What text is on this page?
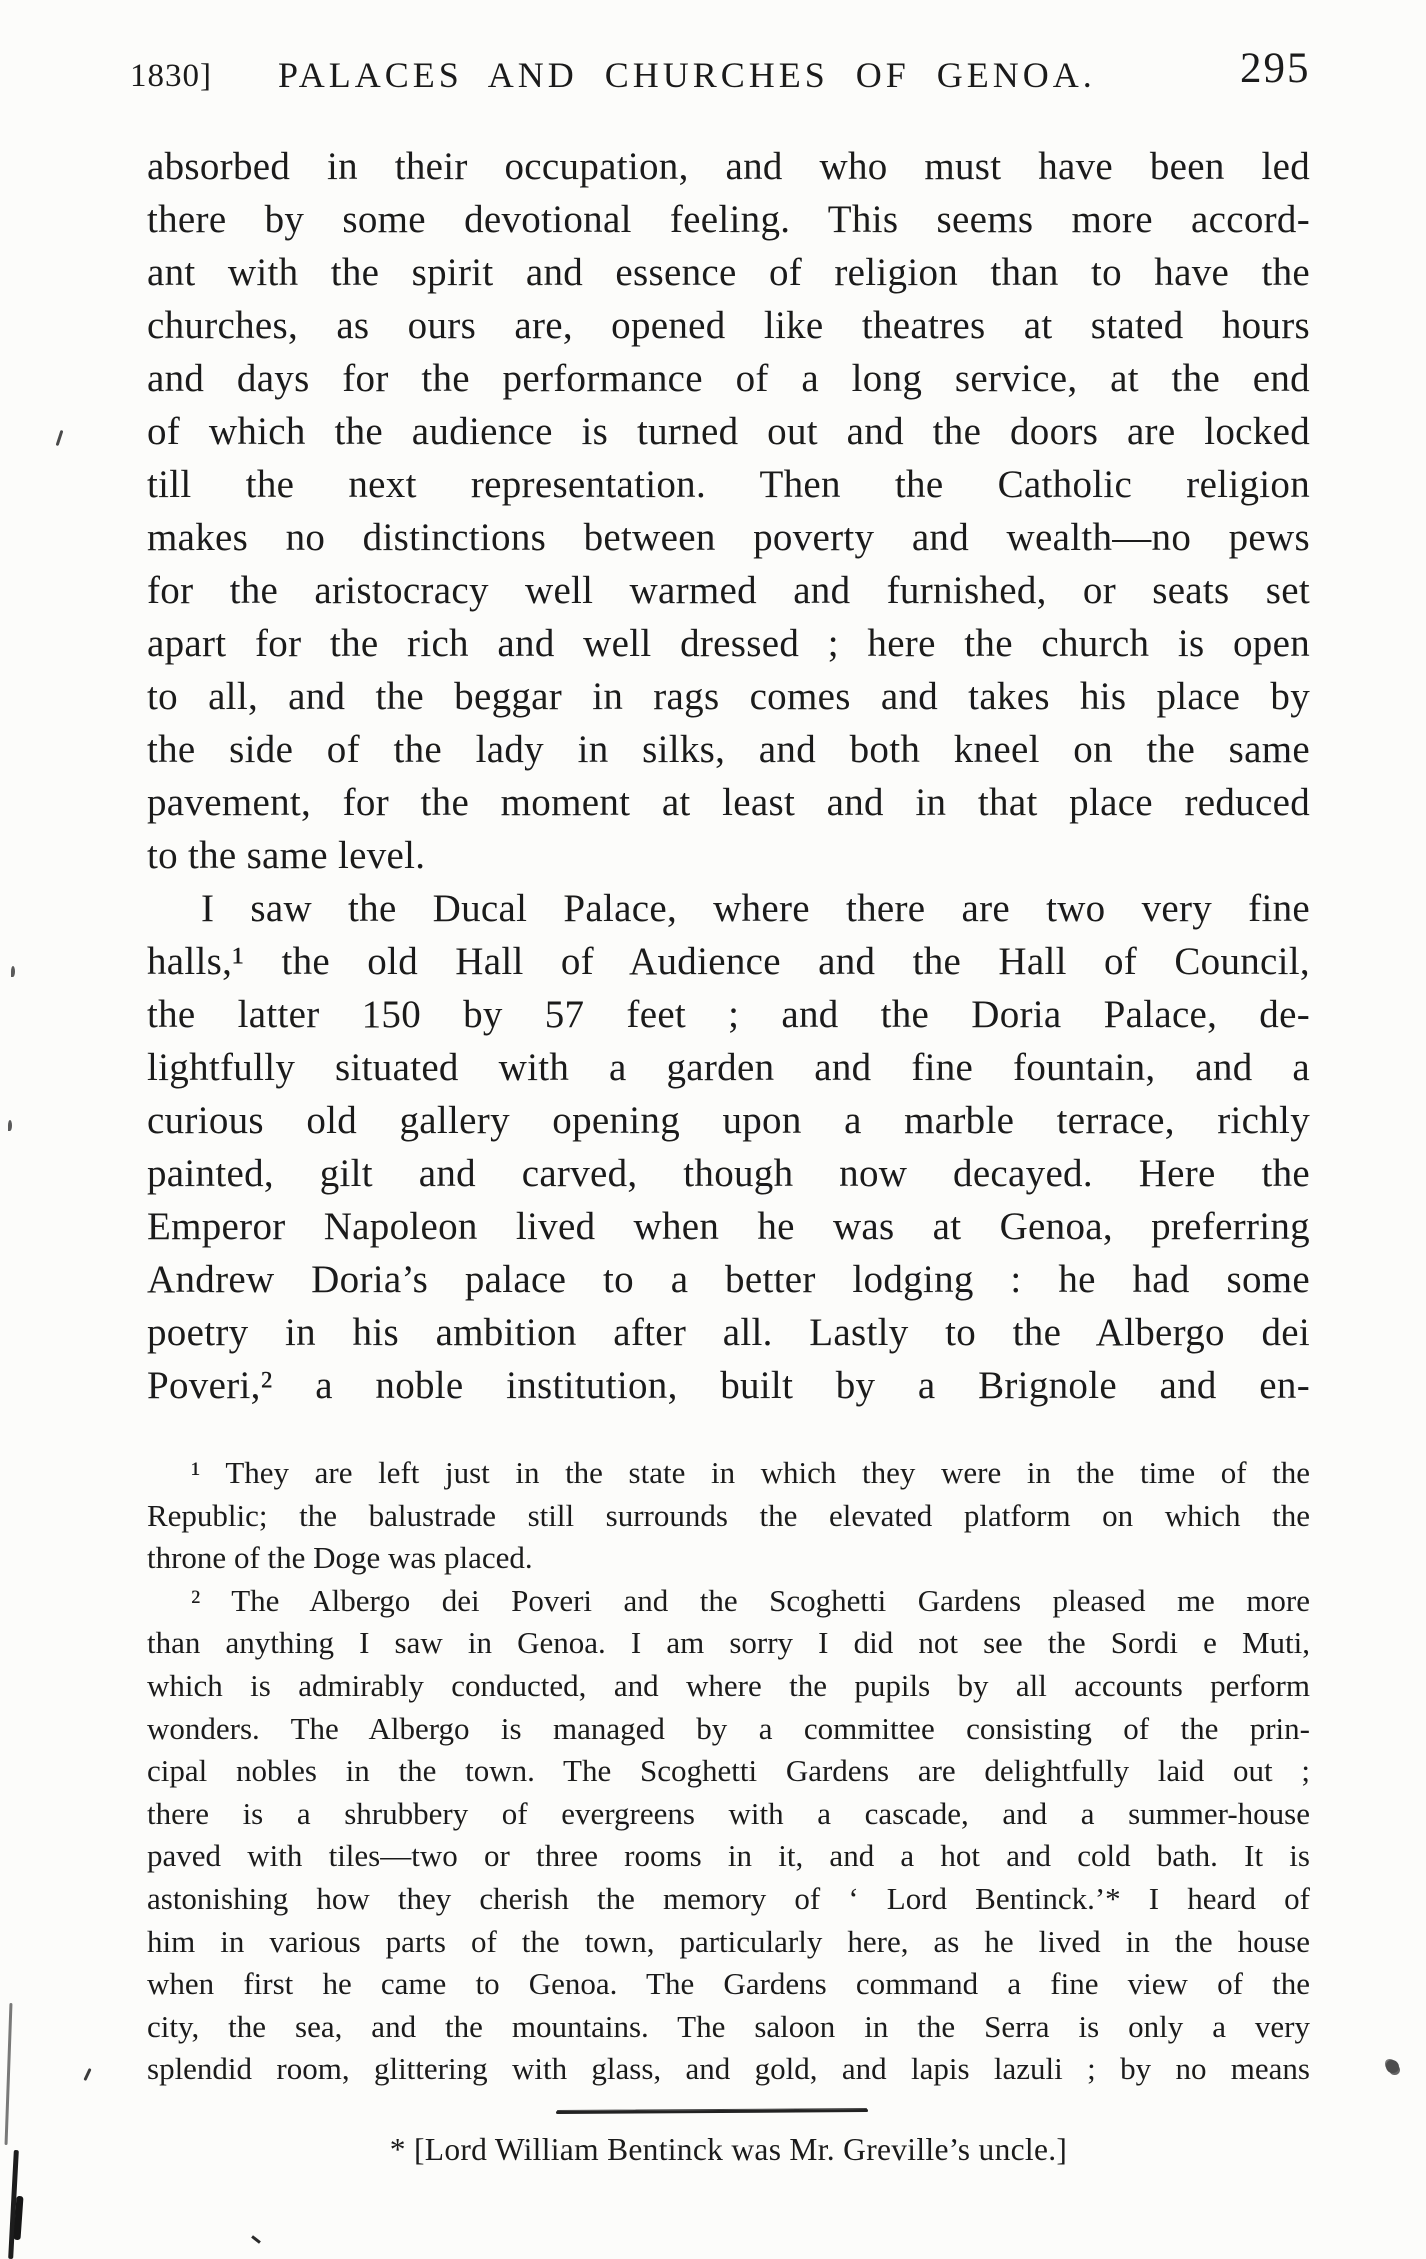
1830] PALACES AND CHURCHES OF GENOA.	295
absorbed in their occupation, and who must have been led
there by some devotional feeling. This seems more accord-
ant with the spirit and essence of religion than to have the
churches, as ours are, opened like theatres at stated hours
and days for the performance of a long service, at the end
of which the audience is turned out and the doors are locked
till the next representation. Then the Catholic religion
makes no distinctions between poverty and wealth—no pews
for the aristocracy well warmed and furnished, or seats set
apart for the rich and well dressed ; here the church is open
to all, and the beggar in rags comes and takes his place by
the side of the lady in silks, and both kneel on the same
pavement, for the moment at least and in that place reduced
to the same level.
I saw the Ducal Palace, where there are two very fine
halls,¹ the old Hall of Audience and the Hall of Council,
the latter 150 by 57 feet ; and the Doria Palace, de-
lightfully situated with a garden and fine fountain, and a
curious old gallery opening upon a marble terrace, richly
painted, gilt and carved, though now decayed. Here the
Emperor Napoleon lived when he was at Genoa, preferring
Andrew Doria’s palace to a better lodging : he had some
poetry in his ambition after all. Lastly to the Albergo dei
Poveri,² a noble institution, built by a Brignole and en-
¹ They are left just in the state in which they were in the time of the
Republic; the balustrade still surrounds the elevated platform on which the
throne of the Doge was placed.
² The Albergo dei Poveri and the Scoghetti Gardens pleased me more
than anything I saw in Genoa. I am sorry I did not see the Sordi e Muti,
which is admirably conducted, and where the pupils by all accounts perform
wonders. The Albergo is managed by a committee consisting of the prin-
cipal nobles in the town. The Scoghetti Gardens are delightfully laid out ;
there is a shrubbery of evergreens with a cascade, and a summer-house
paved with tiles—two or three rooms in it, and a hot and cold bath. It is
astonishing how they cherish the memory of ‘ Lord Bentinck.’* I heard of
him in various parts of the town, particularly here, as he lived in the house
when first he came to Genoa. The Gardens command a fine view of the
city, the sea, and the mountains. The saloon in the Serra is only a very
splendid room, glittering with glass, and gold, and lapis lazuli ; by no means
* [Lord William Bentinck was Mr. Greville’s uncle.]
